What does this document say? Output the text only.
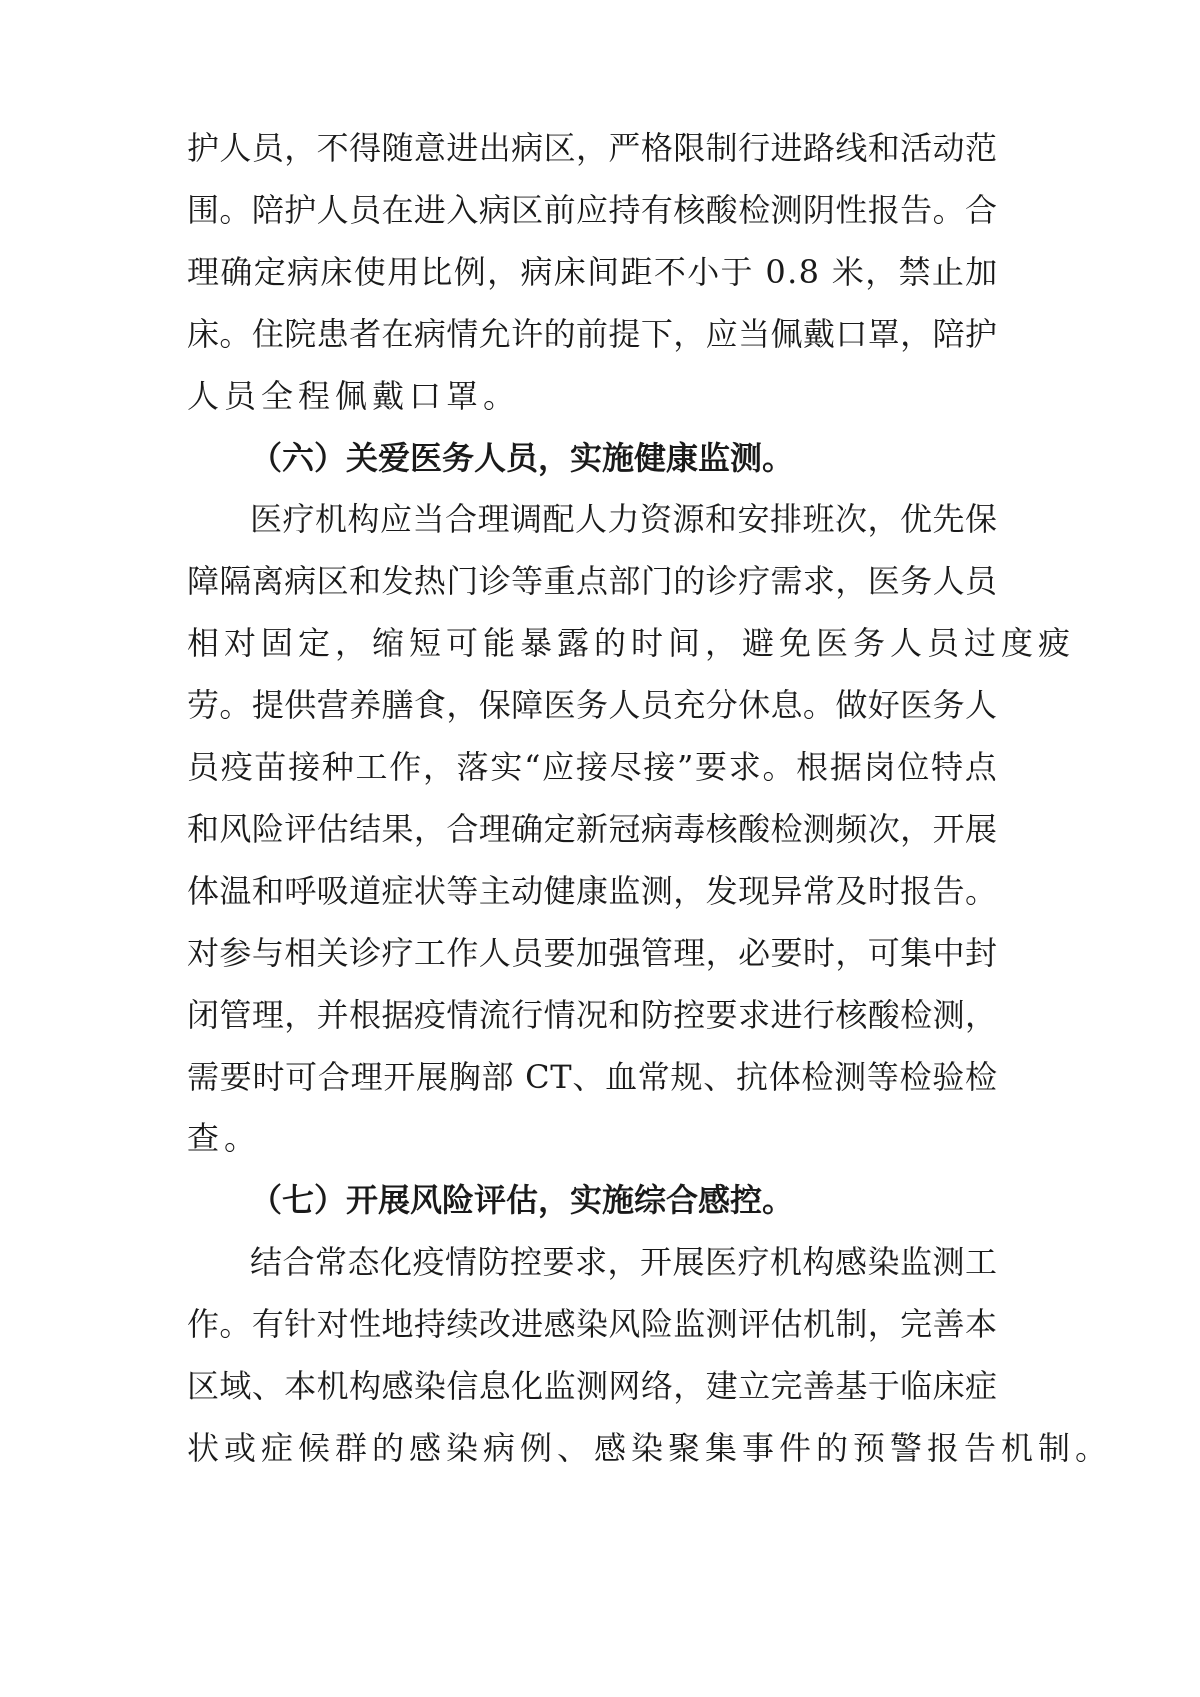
护人员，不得随意进出病区，严格限制行进路线和活动范
围。陪护人员在进入病区前应持有核酸检测阴性报告。合
理确定病床使用比例，病床间距不小于 0.8 米，禁止加
床。住院患者在病情允许的前提下，应当佩戴口罩，陪护
人员全程佩戴口罩。
（六）关爱医务人员，实施健康监测。
医疗机构应当合理调配人力资源和安排班次，优先保
障隔离病区和发热门诊等重点部门的诊疗需求，医务人员
相对固定，缩短可能暴露的时间，避免医务人员过度疲
劳。提供营养膳食，保障医务人员充分休息。做好医务人
员疫苗接种工作，落实“应接尽接”要求。根据岗位特点
和风险评估结果，合理确定新冠病毒核酸检测频次，开展
体温和呼吸道症状等主动健康监测，发现异常及时报告。
对参与相关诊疗工作人员要加强管理，必要时，可集中封
闭管理，并根据疫情流行情况和防控要求进行核酸检测，
需要时可合理开展胸部 CT、血常规、抗体检测等检验检
查。
（七）开展风险评估，实施综合感控。
结合常态化疫情防控要求，开展医疗机构感染监测工
作。有针对性地持续改进感染风险监测评估机制，完善本
区域、本机构感染信息化监测网络，建立完善基于临床症
状或症候群的感染病例、感染聚集事件的预警报告机制。
